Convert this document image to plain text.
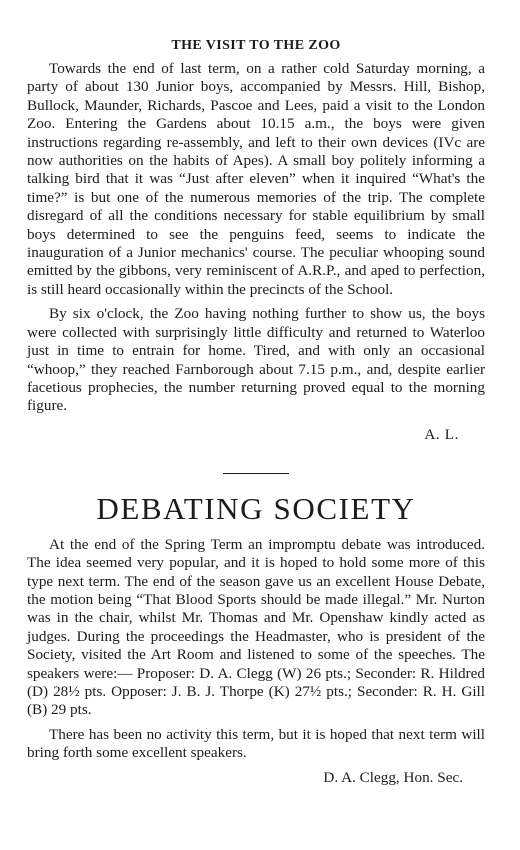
THE VISIT TO THE ZOO

Towards the end of last term, on a rather cold Saturday morning, a party of about 130 Junior boys, accompanied by Messrs. Hill, Bishop, Bullock, Maunder, Richards, Pascoe and Lees, paid a visit to the London Zoo. Entering the Gardens about 10.15 a.m., the boys were given instructions regarding re-assembly, and left to their own devices (IVc are now authorities on the habits of Apes). A small boy politely informing a talking bird that it was “Just after eleven” when it inquired “What's the time?” is but one of the numerous memories of the trip. The complete disregard of all the conditions necessary for stable equilibrium by small boys determined to see the penguins feed, seems to indicate the inauguration of a Junior mechanics' course. The peculiar whooping sound emitted by the gibbons, very reminiscent of A.R.P., and aped to perfection, is still heard occasionally within the precincts of the School.

By six o'clock, the Zoo having nothing further to show us, the boys were collected with surprisingly little difficulty and returned to Waterloo just in time to entrain for home. Tired, and with only an occasional “whoop,” they reached Farnborough about 7.15 p.m., and, despite earlier facetious prophecies, the number returning proved equal to the morning figure.

A. L.
DEBATING SOCIETY

At the end of the Spring Term an impromptu debate was introduced. The idea seemed very popular, and it is hoped to hold some more of this type next term. The end of the season gave us an excellent House Debate, the motion being “That Blood Sports should be made illegal.” Mr. Nurton was in the chair, whilst Mr. Thomas and Mr. Openshaw kindly acted as judges. During the proceedings the Headmaster, who is president of the Society, visited the Art Room and listened to some of the speeches. The speakers were:— Proposer: D. A. Clegg (W) 26 pts.; Seconder: R. Hildred (D) 28½ pts. Opposer: J. B. J. Thorpe (K) 27½ pts.; Seconder: R. H. Gill (B) 29 pts.

There has been no activity this term, but it is hoped that next term will bring forth some excellent speakers.

D. A. Clegg, Hon. Sec.
